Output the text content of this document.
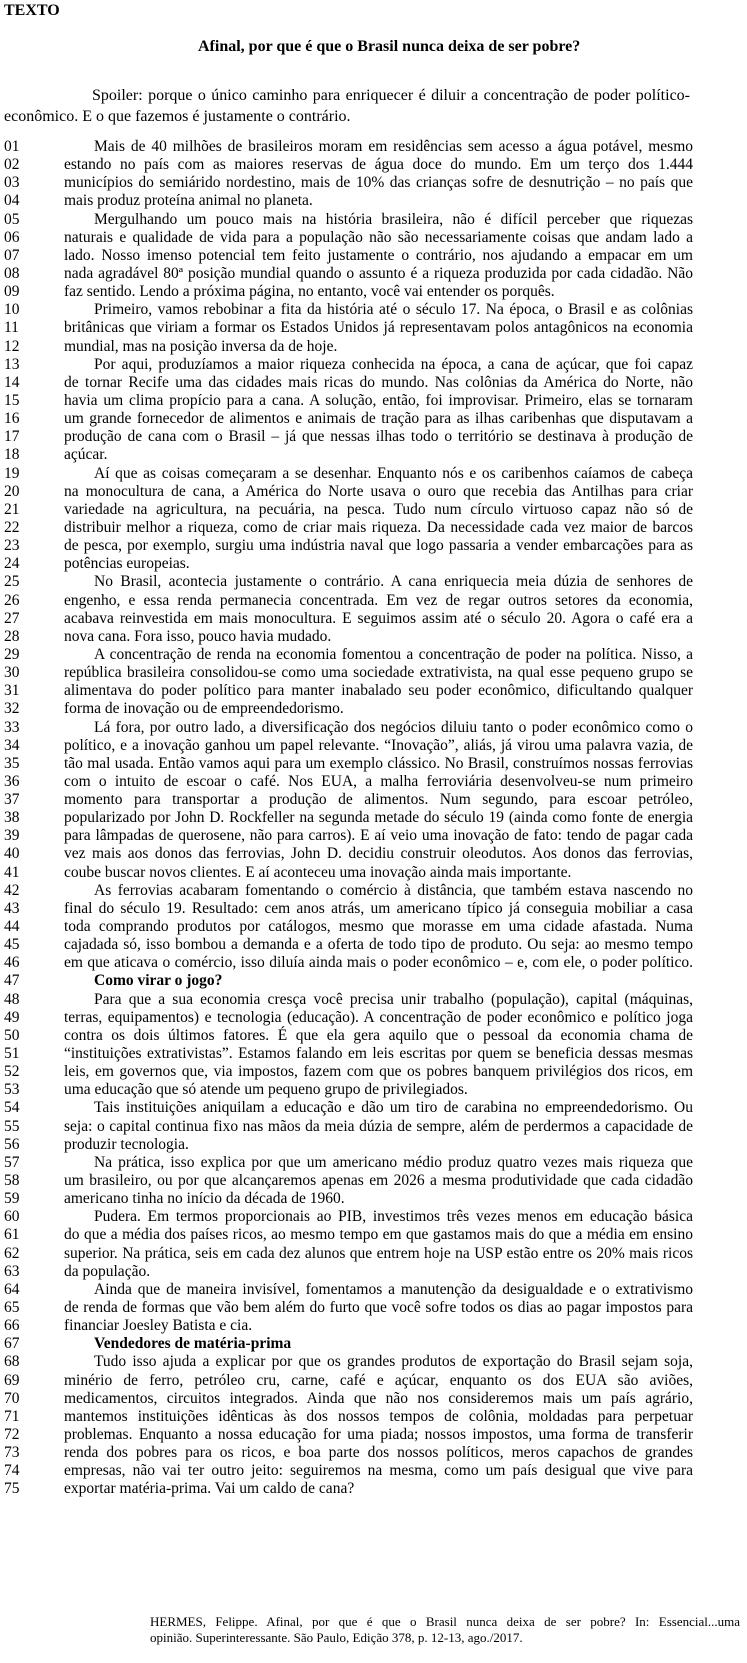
TEXTO
Afinal, por que é que o Brasil nunca deixa de ser pobre?
Spoiler: porque o único caminho para enriquecer é diluir a concentração de poder político-
econômico. E o que fazemos é justamente o contrário.
01	Mais de 40 milhões de brasileiros moram em residências sem acesso a água potável, mesmo
02	estando no país com as maiores reservas de água doce do mundo. Em um terço dos 1.444
03	municípios do semiárido nordestino, mais de 10% das crianças sofre de desnutrição – no país que
04	mais produz proteína animal no planeta.
05	Mergulhando um pouco mais na história brasileira, não é difícil perceber que riquezas
06	naturais e qualidade de vida para a população não são necessariamente coisas que andam lado a
07	lado. Nosso imenso potencial tem feito justamente o contrário, nos ajudando a empacar em um
08	nada agradável 80ª posição mundial quando o assunto é a riqueza produzida por cada cidadão. Não
09	faz sentido. Lendo a próxima página, no entanto, você vai entender os porquês.
10	Primeiro, vamos rebobinar a fita da história até o século 17. Na época, o Brasil e as colônias
11	britânicas que viriam a formar os Estados Unidos já representavam polos antagônicos na economia
12	mundial, mas na posição inversa da de hoje.
13	Por aqui, produzíamos a maior riqueza conhecida na época, a cana de açúcar, que foi capaz
14	de tornar Recife uma das cidades mais ricas do mundo. Nas colônias da América do Norte, não
15	havia um clima propício para a cana. A solução, então, foi improvisar. Primeiro, elas se tornaram
16	um grande fornecedor de alimentos e animais de tração para as ilhas caribenhas que disputavam a
17	produção de cana com o Brasil – já que nessas ilhas todo o território se destinava à produção de
18	açúcar.
19	Aí que as coisas começaram a se desenhar. Enquanto nós e os caribenhos caíamos de cabeça
20	na monocultura de cana, a América do Norte usava o ouro que recebia das Antilhas para criar
21	variedade na agricultura, na pecuária, na pesca. Tudo num círculo virtuoso capaz não só de
22	distribuir melhor a riqueza, como de criar mais riqueza. Da necessidade cada vez maior de barcos
23	de pesca, por exemplo, surgiu uma indústria naval que logo passaria a vender embarcações para as
24	potências europeias.
25	No Brasil, acontecia justamente o contrário. A cana enriquecia meia dúzia de senhores de
26	engenho, e essa renda permanecia concentrada. Em vez de regar outros setores da economia,
27	acabava reinvestida em mais monocultura. E seguimos assim até o século 20. Agora o café era a
28	nova cana. Fora isso, pouco havia mudado.
29	A concentração de renda na economia fomentou a concentração de poder na política. Nisso, a
30	república brasileira consolidou-se como uma sociedade extrativista, na qual esse pequeno grupo se
31	alimentava do poder político para manter inabalado seu poder econômico, dificultando qualquer
32	forma de inovação ou de empreendedorismo.
33	Lá fora, por outro lado, a diversificação dos negócios diluiu tanto o poder econômico como o
34	político, e a inovação ganhou um papel relevante. “Inovação”, aliás, já virou uma palavra vazia, de
35	tão mal usada. Então vamos aqui para um exemplo clássico. No Brasil, construímos nossas ferrovias
36	com o intuito de escoar o café. Nos EUA, a malha ferroviária desenvolveu-se num primeiro
37	momento para transportar a produção de alimentos. Num segundo, para escoar petróleo,
38	popularizado por John D. Rockfeller na segunda metade do século 19 (ainda como fonte de energia
39	para lâmpadas de querosene, não para carros). E aí veio uma inovação de fato: tendo de pagar cada
40	vez mais aos donos das ferrovias, John D. decidiu construir oleodutos. Aos donos das ferrovias,
41	coube buscar novos clientes. E aí aconteceu uma inovação ainda mais importante.
42	As ferrovias acabaram fomentando o comércio à distância, que também estava nascendo no
43	final do século 19. Resultado: cem anos atrás, um americano típico já conseguia mobiliar a casa
44	toda comprando produtos por catálogos, mesmo que morasse em uma cidade afastada. Numa
45	cajadada só, isso bombou a demanda e a oferta de todo tipo de produto. Ou seja: ao mesmo tempo
46	em que aticava o comércio, isso diluía ainda mais o poder econômico – e, com ele, o poder político.
47	Como virar o jogo?
48	Para que a sua economia cresça você precisa unir trabalho (população), capital (máquinas,
49	terras, equipamentos) e tecnologia (educação). A concentração de poder econômico e político joga
50	contra os dois últimos fatores. É que ela gera aquilo que o pessoal da economia chama de
51	“instituições extrativistas”. Estamos falando em leis escritas por quem se beneficia dessas mesmas
52	leis, em governos que, via impostos, fazem com que os pobres banquem privilégios dos ricos, em
53	uma educação que só atende um pequeno grupo de privilegiados.
54	Tais instituições aniquilam a educação e dão um tiro de carabina no empreendedorismo. Ou
55	seja: o capital continua fixo nas mãos da meia dúzia de sempre, além de perdermos a capacidade de
56	produzir tecnologia.
57	Na prática, isso explica por que um americano médio produz quatro vezes mais riqueza que
58	um brasileiro, ou por que alcançaremos apenas em 2026 a mesma produtividade que cada cidadão
59	americano tinha no início da década de 1960.
60	Pudera. Em termos proporcionais ao PIB, investimos três vezes menos em educação básica
61	do que a média dos países ricos, ao mesmo tempo em que gastamos mais do que a média em ensino
62	superior. Na prática, seis em cada dez alunos que entrem hoje na USP estão entre os 20% mais ricos
63	da população.
64	Ainda que de maneira invisível, fomentamos a manutenção da desigualdade e o extrativismo
65	de renda de formas que vão bem além do furto que você sofre todos os dias ao pagar impostos para
66	financiar Joesley Batista e cia.
67	Vendedores de matéria-prima
68	Tudo isso ajuda a explicar por que os grandes produtos de exportação do Brasil sejam soja,
69	minério de ferro, petróleo cru, carne, café e açúcar, enquanto os dos EUA são aviões,
70	medicamentos, circuitos integrados. Ainda que não nos consideremos mais um país agrário,
71	mantemos instituições idênticas às dos nossos tempos de colônia, moldadas para perpetuar
72	problemas. Enquanto a nossa educação for uma piada; nossos impostos, uma forma de transferir
73	renda dos pobres para os ricos, e boa parte dos nossos políticos, meros capachos de grandes
74	empresas, não vai ter outro jeito: seguiremos na mesma, como um país desigual que vive para
75	exportar matéria-prima. Vai um caldo de cana?
HERMES, Felippe. Afinal, por que é que o Brasil nunca deixa de ser pobre? In: Essencial...uma
opinião. Superinteressante. São Paulo, Edição 378, p. 12-13, ago./2017.
